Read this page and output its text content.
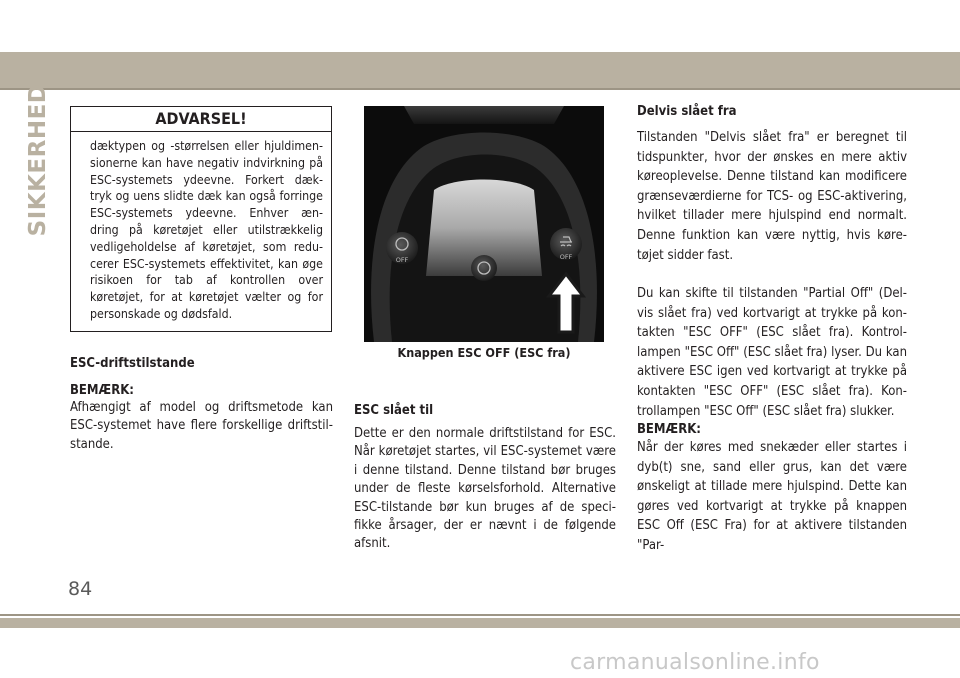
SIKKERHED
84
ADVARSEL!

dæktypen og -størrelsen eller hjuldimen-sionerne kan have negativ indvirkning på ESC-systemets ydeevne. Forkert dæk-tryk og uens slidte dæk kan også forringe ESC-systemets ydeevne. Enhver æn-dring på køretøjet eller utilstrækkelig vedligeholdelse af køretøjet, som redu-cerer ESC-systemets effektivitet, kan øge risikoen for tab af kontrollen over køretøjet, for at køretøjet vælter og for personskade og dødsfald.

ESC-driftstilstande
BEMÆRK:

Afhængigt af model og driftsmetode kan ESC-systemet have flere forskellige driftstil-stande.

OFF	OFF
Knappen ESC OFF (ESC fra)
ESC slået til

Dette er den normale driftstilstand for ESC. Når køretøjet startes, vil ESC-systemet være i denne tilstand. Denne tilstand bør bruges under de fleste kørselsforhold. Alternative ESC-tilstande bør kun bruges af de speci-fikke årsager, der er nævnt i de følgende afsnit.

Delvis slået fra

Tilstanden "Delvis slået fra" er beregnet til tidspunkter, hvor der ønskes en mere aktiv køreoplevelse. Denne tilstand kan modificere grænseværdierne for TCS- og ESC-aktivering, hvilket tillader mere hjulspind end normalt. Denne funktion kan være nyttig, hvis køre-tøjet sidder fast.

Du kan skifte til tilstanden "Partial Off" (Del-vis slået fra) ved kortvarigt at trykke på kon-takten "ESC OFF" (ESC slået fra). Kontrol-lampen "ESC Off" (ESC slået fra) lyser. Du kan aktivere ESC igen ved kortvarigt at trykke på kontakten "ESC OFF" (ESC slået fra). Kon-trollampen "ESC Off" (ESC slået fra) slukker.

BEMÆRK:

Når der køres med snekæder eller startes i dyb(t) sne, sand eller grus, kan det være ønskeligt at tillade mere hjulspind. Dette kan gøres ved kortvarigt at trykke på knappen ESC Off (ESC Fra) for at aktivere tilstanden "Par-

carmanualsonline.info
